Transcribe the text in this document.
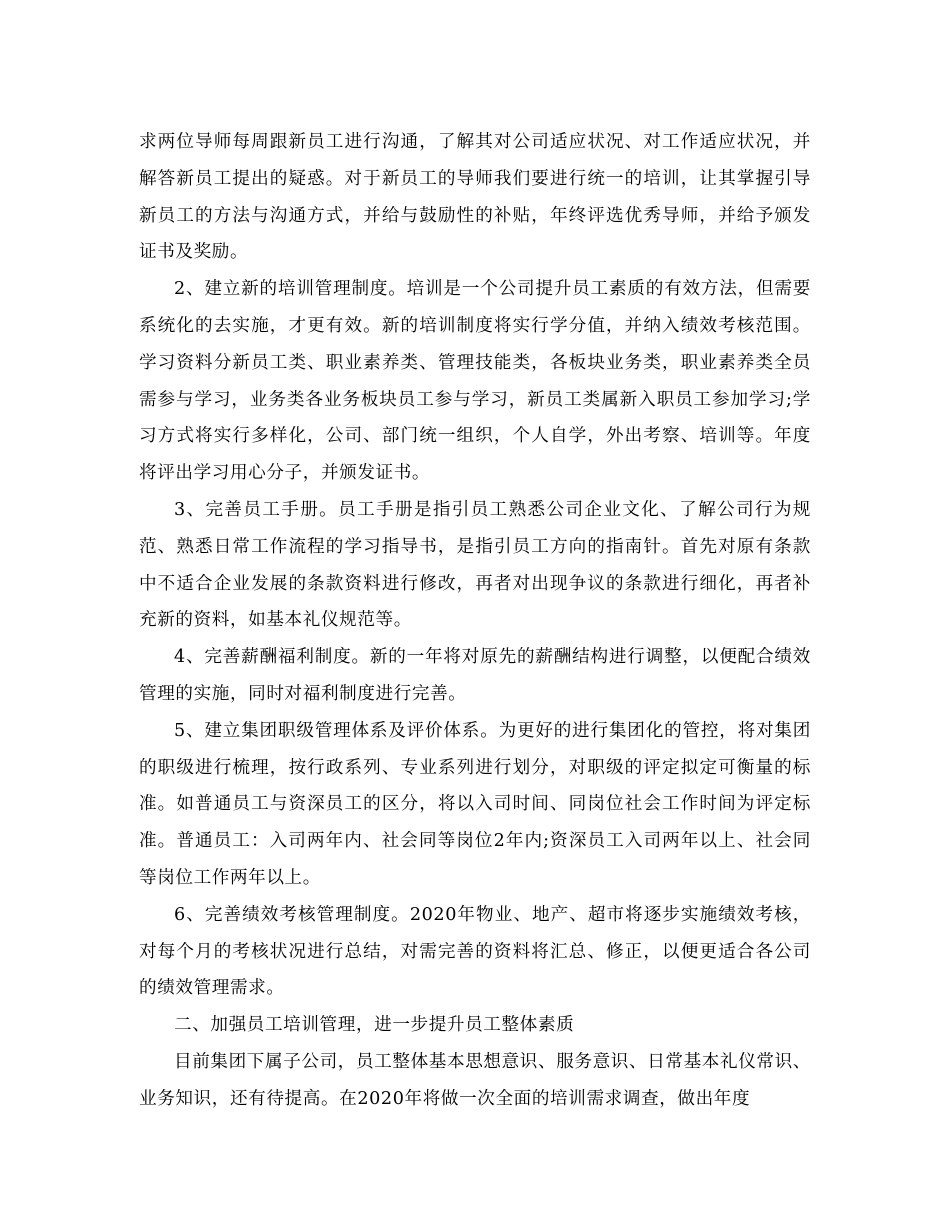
求两位导师每周跟新员工进行沟通，了解其对公司适应状况、对工作适应状况，并解答新员工提出的疑惑。对于新员工的导师我们要进行统一的培训，让其掌握引导新员工的方法与沟通方式，并给与鼓励性的补贴，年终评选优秀导师，并给予颁发证书及奖励。

2、建立新的培训管理制度。培训是一个公司提升员工素质的有效方法，但需要系统化的去实施，才更有效。新的培训制度将实行学分值，并纳入绩效考核范围。学习资料分新员工类、职业素养类、管理技能类，各板块业务类，职业素养类全员需参与学习，业务类各业务板块员工参与学习，新员工类属新入职员工参加学习;学习方式将实行多样化，公司、部门统一组织，个人自学，外出考察、培训等。年度将评出学习用心分子，并颁发证书。

3、完善员工手册。员工手册是指引员工熟悉公司企业文化、了解公司行为规范、熟悉日常工作流程的学习指导书，是指引员工方向的指南针。首先对原有条款中不适合企业发展的条款资料进行修改，再者对出现争议的条款进行细化，再者补充新的资料，如基本礼仪规范等。

4、完善薪酬福利制度。新的一年将对原先的薪酬结构进行调整，以便配合绩效管理的实施，同时对福利制度进行完善。

5、建立集团职级管理体系及评价体系。为更好的进行集团化的管控，将对集团的职级进行梳理，按行政系列、专业系列进行划分，对职级的评定拟定可衡量的标准。如普通员工与资深员工的区分，将以入司时间、同岗位社会工作时间为评定标准。普通员工：入司两年内、社会同等岗位2年内;资深员工入司两年以上、社会同等岗位工作两年以上。

6、完善绩效考核管理制度。2020年物业、地产、超市将逐步实施绩效考核，对每个月的考核状况进行总结，对需完善的资料将汇总、修正，以便更适合各公司的绩效管理需求。

二、加强员工培训管理，进一步提升员工整体素质

目前集团下属子公司，员工整体基本思想意识、服务意识、日常基本礼仪常识、业务知识，还有待提高。在2020年将做一次全面的培训需求调查，做出年度
